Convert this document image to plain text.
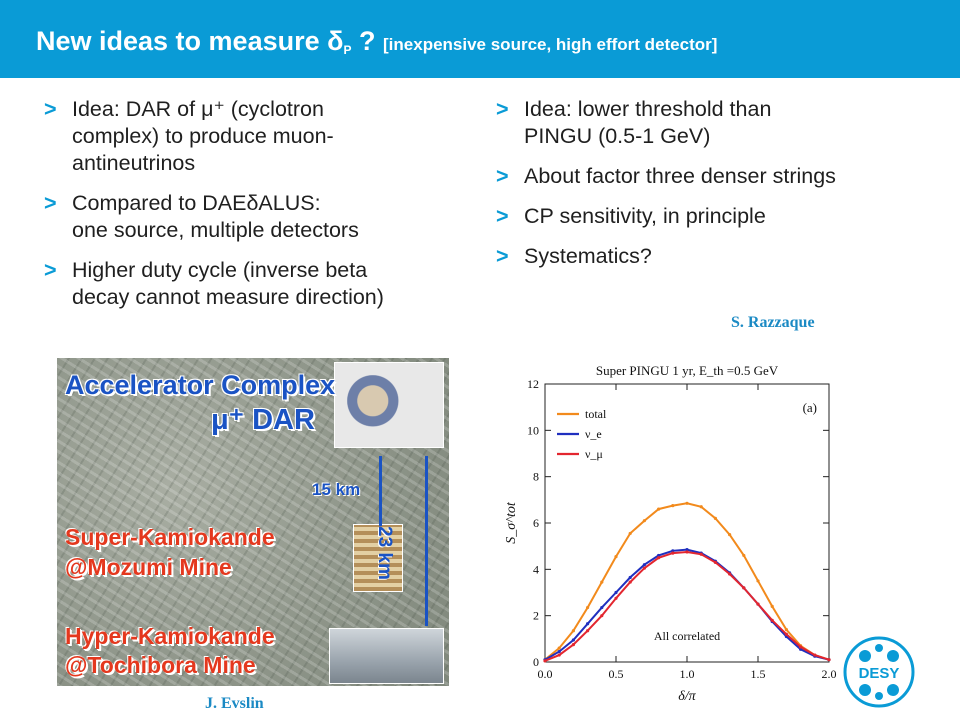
New ideas to measure $\delta_P$ ? [inexpensive source, high effort detector]
> Idea: DAR of μ⁺ (cyclotron
complex) to produce muon-
antineutrinos
> Compared to DAEδALUS:
one source, multiple detectors
> Higher duty cycle (inverse beta
decay cannot measure direction)
> Idea: lower threshold than
PINGU (0.5-1 GeV)
> About factor three denser strings
> CP sensitivity, in principle
> Systematics?
S. Razzaque
Accelerator Complex
μ⁺ DAR
15 km
23 km
Super-Kamiokande
@Mozumi Mine
Hyper-Kamiokande
@Tochibora Mine
J. Evslin
Super PINGU 1 yr, E_th =0.5 GeV
(a)
0
2
4
6
8
10
12
0.0	0.5	1.0	1.5	2.0
δ/π
S_σ^tot
total
ν_e
ν_μ
All correlated
DESY
